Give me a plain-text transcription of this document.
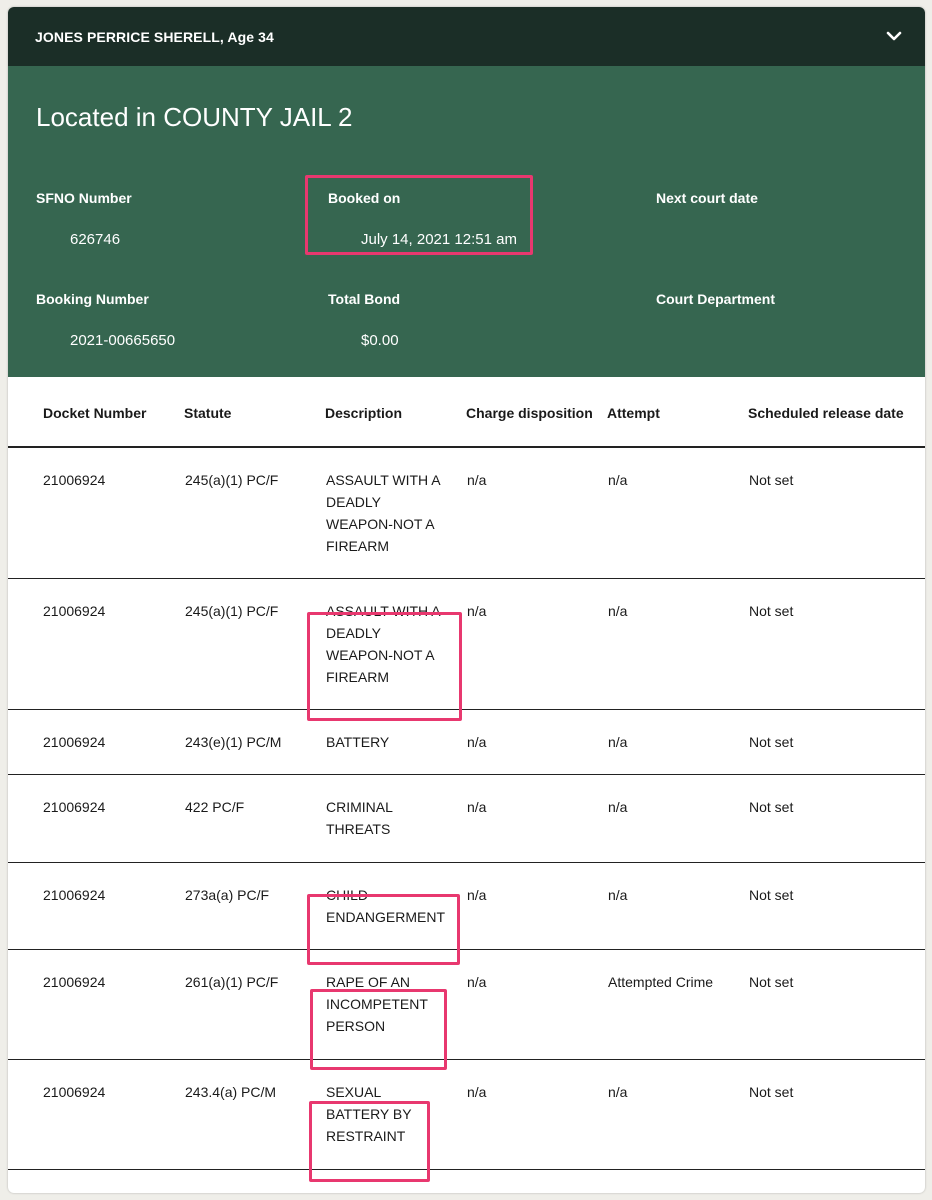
JONES PERRICE SHERELL, Age 34
Located in COUNTY JAIL 2
SFNO Number
626746
Booked on
July 14, 2021 12:51 am
Next court date
Booking Number
2021-00665650
Total Bond
$0.00
Court Department
Docket Number	Statute	Description	Charge disposition	Attempt	Scheduled release date
21006924	245(a)(1) PC/F	ASSAULT WITH A DEADLY WEAPON-NOT A FIREARM	n/a	n/a	Not set
21006924	245(a)(1) PC/F	ASSAULT WITH A DEADLY WEAPON-NOT A FIREARM	n/a	n/a	Not set
21006924	243(e)(1) PC/M	BATTERY	n/a	n/a	Not set
21006924	422 PC/F	CRIMINAL THREATS	n/a	n/a	Not set
21006924	273a(a) PC/F	CHILD ENDANGERMENT	n/a	n/a	Not set
21006924	261(a)(1) PC/F	RAPE OF AN INCOMPETENT PERSON	n/a	Attempted Crime	Not set
21006924	243.4(a) PC/M	SEXUAL BATTERY BY RESTRAINT	n/a	n/a	Not set
